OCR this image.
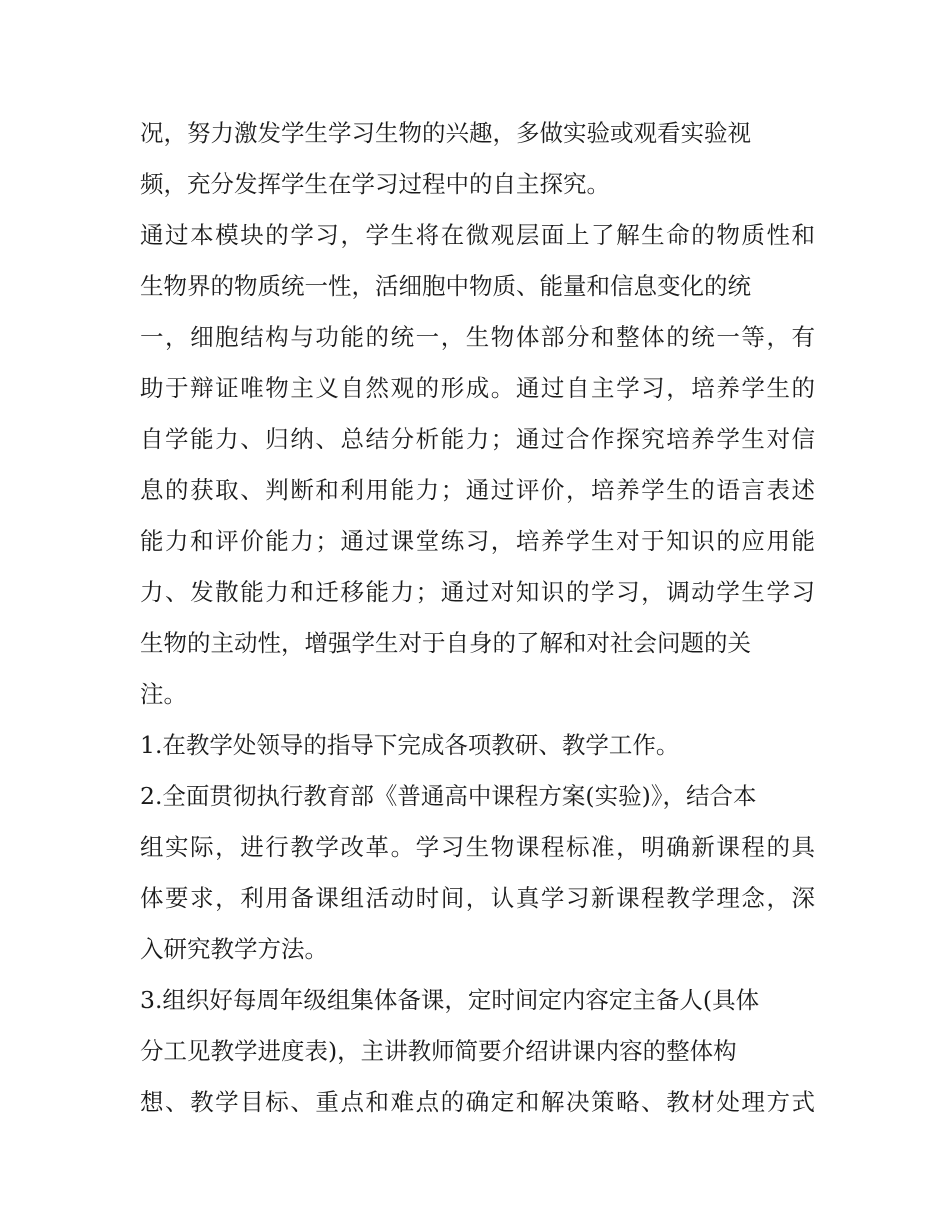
况，努力激发学生学习生物的兴趣，多做实验或观看实验视
频，充分发挥学生在学习过程中的自主探究。
通过本模块的学习，学生将在微观层面上了解生命的物质性和
生物界的物质统一性，活细胞中物质、能量和信息变化的统
一，细胞结构与功能的统一，生物体部分和整体的统一等，有
助于辩证唯物主义自然观的形成。通过自主学习，培养学生的
自学能力、归纳、总结分析能力；通过合作探究培养学生对信
息的获取、判断和利用能力；通过评价，培养学生的语言表述
能力和评价能力；通过课堂练习，培养学生对于知识的应用能
力、发散能力和迁移能力；通过对知识的学习，调动学生学习
生物的主动性，增强学生对于自身的了解和对社会问题的关
注。
1.在教学处领导的指导下完成各项教研、教学工作。
2.全面贯彻执行教育部《普通高中课程方案(实验)》，结合本
组实际，进行教学改革。学习生物课程标准，明确新课程的具
体要求，利用备课组活动时间，认真学习新课程教学理念，深
入研究教学方法。
3.组织好每周年级组集体备课，定时间定内容定主备人(具体
分工见教学进度表)，主讲教师简要介绍讲课内容的整体构
想、教学目标、重点和难点的确定和解决策略、教材处理方式
